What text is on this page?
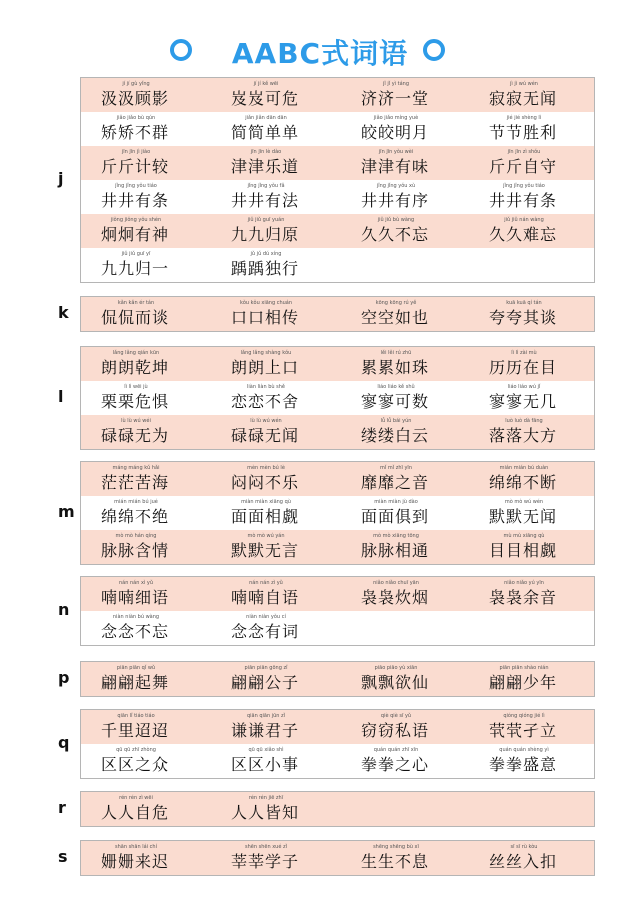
AABC式词语
jí jí gù yǐng
汲汲顾影
jí jí kě wēi
岌岌可危
jǐ jǐ yì táng
济济一堂
jì jì wú wén
寂寂无闻
jiǎo jiǎo bù qún
矫矫不群
jiǎn jiǎn dān dān
简简单单
jiǎo jiǎo míng yuè
皎皎明月
jié jié shèng lì
节节胜利
jīn jīn jì jiào
斤斤计较
jīn jīn lè dào
津津乐道
jīn jīn yǒu wèi
津津有味
jīn jīn zì shǒu
斤斤自守
jǐng jǐng yǒu tiáo
井井有条
jǐng jǐng yǒu fǎ
井井有法
jǐng jǐng yǒu xù
井井有序
jǐng jǐng yǒu tiáo
井井有条
jiǒng jiǒng yǒu shén
炯炯有神
jiǔ jiǔ guī yuán
九九归原
jiǔ jiǔ bù wàng
久久不忘
jiǔ jiǔ nán wàng
久久难忘
jiǔ jiǔ guī yī
九九归一
jǔ jǔ dú xíng
踽踽独行
j
kǎn kǎn ér tán
侃侃而谈
kǒu kǒu xiāng chuán
口口相传
kōng kōng rú yě
空空如也
kuā kuā qí tán
夸夸其谈
k
lǎng lǎng qián kūn
朗朗乾坤
lǎng lǎng shàng kǒu
朗朗上口
lěi lěi rú zhū
累累如珠
lì lì zài mù
历历在目
lì lì wēi jù
栗栗危惧
liàn liàn bù shě
恋恋不舍
liáo liáo kě shǔ
寥寥可数
liáo liáo wú jǐ
寥寥无几
lù lù wú wéi
碌碌无为
lù lù wú wén
碌碌无闻
lǚ lǚ bái yún
缕缕白云
luò luò dà fāng
落落大方
l
máng máng kǔ hǎi
茫茫苦海
mèn mèn bú lè
闷闷不乐
mǐ mǐ zhī yīn
靡靡之音
mián mián bú duàn
绵绵不断
mián mián bú jué
绵绵不绝
miàn miàn xiāng qù
面面相觑
miàn miàn jù dào
面面俱到
mò mò wú wén
默默无闻
mò mò hán qíng
脉脉含情
mò mò wú yán
默默无言
mò mò xiāng tōng
脉脉相通
mù mù xiāng qù
目目相觑
m
nán nán xì yǔ
喃喃细语
nán nán zì yǔ
喃喃自语
niǎo niǎo chuī yān
袅袅炊烟
niǎo niǎo yú yīn
袅袅余音
niàn niàn bú wàng
念念不忘
niàn niàn yǒu cí
念念有词
n
piān piān qǐ wǔ
翩翩起舞
piān piān gōng zǐ
翩翩公子
piāo piāo yù xiān
飘飘欲仙
piān piān shào nián
翩翩少年
p
qiān lǐ tiáo tiáo
千里迢迢
qiān qiān jūn zǐ
谦谦君子
qiè qiè sī yǔ
窃窃私语
qióng qióng jié lì
茕茕孑立
qū qū zhī zhòng
区区之众
qū qū xiǎo shì
区区小事
quán quán zhī xīn
拳拳之心
quán quán shèng yì
拳拳盛意
q
rén rén zì wēi
人人自危
rén rén jiē zhī
人人皆知
r
shān shān lái chí
姗姗来迟
shēn shēn xué zǐ
莘莘学子
shēng shēng bù xī
生生不息
sī sī rù kòu
丝丝入扣
s
